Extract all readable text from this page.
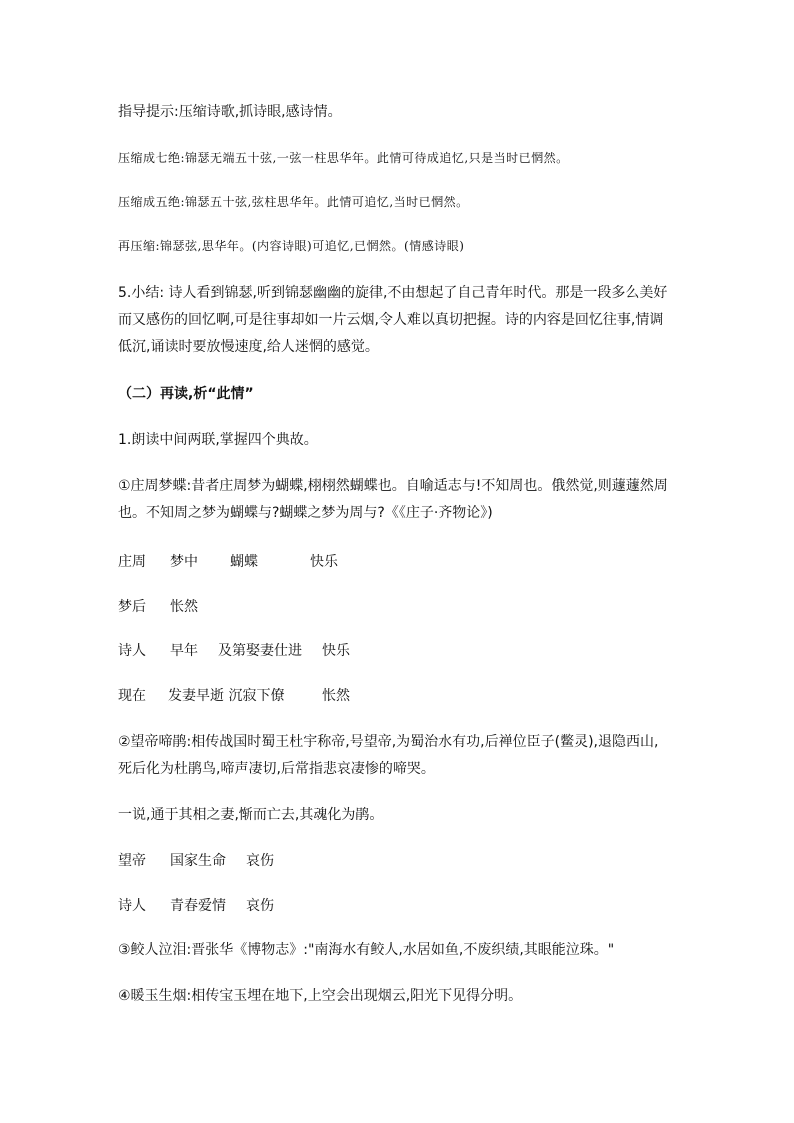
指导提示:压缩诗歌,抓诗眼,感诗情。
压缩成七绝:锦瑟无端五十弦,一弦一柱思华年。此情可待成追忆,只是当时已惘然。
压缩成五绝:锦瑟五十弦,弦柱思华年。此情可追忆,当时已惘然。
再压缩:锦瑟弦,思华年。(内容诗眼)可追忆,已惘然。(情感诗眼)
5.小结: 诗人看到锦瑟,听到锦瑟幽幽的旋律,不由想起了自己青年时代。那是一段多么美好
而又感伤的回忆啊,可是往事却如一片云烟,令人难以真切把握。诗的内容是回忆往事,情调
低沉,诵读时要放慢速度,给人迷惘的感觉。
（二）再读,析“此情”
1.朗读中间两联,掌握四个典故。
①庄周梦蝶:昔者庄周梦为蝴蝶,栩栩然蝴蝶也。自喻适志与!不知周也。俄然觉,则蘧蘧然周
也。不知周之梦为蝴蝶与?蝴蝶之梦为周与?《《庄子·齐物论》)
庄周 梦中 蝴蝶	快乐
梦后 怅然
诗人 早年 及第娶妻仕进 快乐
现在 发妻早逝 沉寂下僚	怅然
②望帝啼鹃:相传战国时蜀王杜宇称帝,号望帝,为蜀治水有功,后禅位臣子(鳖灵),退隐西山,
死后化为杜鹃鸟,啼声凄切,后常指悲哀凄惨的啼哭。
一说,通于其相之妻,惭而亡去,其魂化为鹃。
望帝 国家生命 哀伤
诗人 青春爱情 哀伤
③鲛人泣泪:晋张华《博物志》:"南海水有鲛人,水居如鱼,不废织绩,其眼能泣珠。"
④暖玉生烟:相传宝玉埋在地下,上空会出现烟云,阳光下见得分明。
